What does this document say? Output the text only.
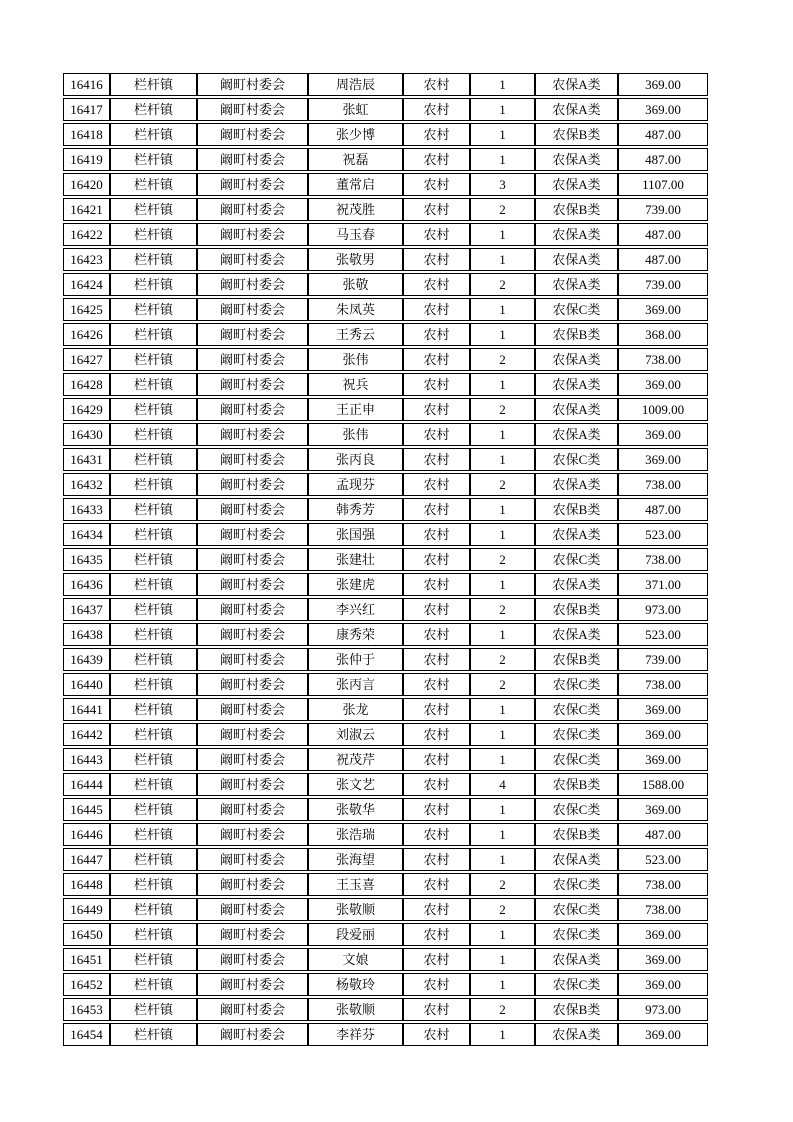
16416	栏杆镇	阚町村委会	周浩辰	农村	1	农保A类	369.00
16417	栏杆镇	阚町村委会	张虹	农村	1	农保A类	369.00
16418	栏杆镇	阚町村委会	张少博	农村	1	农保B类	487.00
16419	栏杆镇	阚町村委会	祝磊	农村	1	农保A类	487.00
16420	栏杆镇	阚町村委会	董常启	农村	3	农保A类	1107.00
16421	栏杆镇	阚町村委会	祝茂胜	农村	2	农保B类	739.00
16422	栏杆镇	阚町村委会	马玉春	农村	1	农保A类	487.00
16423	栏杆镇	阚町村委会	张敬男	农村	1	农保A类	487.00
16424	栏杆镇	阚町村委会	张敬	农村	2	农保A类	739.00
16425	栏杆镇	阚町村委会	朱凤英	农村	1	农保C类	369.00
16426	栏杆镇	阚町村委会	王秀云	农村	1	农保B类	368.00
16427	栏杆镇	阚町村委会	张伟	农村	2	农保A类	738.00
16428	栏杆镇	阚町村委会	祝兵	农村	1	农保A类	369.00
16429	栏杆镇	阚町村委会	王正申	农村	2	农保A类	1009.00
16430	栏杆镇	阚町村委会	张伟	农村	1	农保A类	369.00
16431	栏杆镇	阚町村委会	张丙良	农村	1	农保C类	369.00
16432	栏杆镇	阚町村委会	孟现芬	农村	2	农保A类	738.00
16433	栏杆镇	阚町村委会	韩秀芳	农村	1	农保B类	487.00
16434	栏杆镇	阚町村委会	张国强	农村	1	农保A类	523.00
16435	栏杆镇	阚町村委会	张建壮	农村	2	农保C类	738.00
16436	栏杆镇	阚町村委会	张建虎	农村	1	农保A类	371.00
16437	栏杆镇	阚町村委会	李兴红	农村	2	农保B类	973.00
16438	栏杆镇	阚町村委会	康秀荣	农村	1	农保A类	523.00
16439	栏杆镇	阚町村委会	张仲于	农村	2	农保B类	739.00
16440	栏杆镇	阚町村委会	张丙言	农村	2	农保C类	738.00
16441	栏杆镇	阚町村委会	张龙	农村	1	农保C类	369.00
16442	栏杆镇	阚町村委会	刘淑云	农村	1	农保C类	369.00
16443	栏杆镇	阚町村委会	祝茂芹	农村	1	农保C类	369.00
16444	栏杆镇	阚町村委会	张文艺	农村	4	农保B类	1588.00
16445	栏杆镇	阚町村委会	张敬华	农村	1	农保C类	369.00
16446	栏杆镇	阚町村委会	张浩瑞	农村	1	农保B类	487.00
16447	栏杆镇	阚町村委会	张海望	农村	1	农保A类	523.00
16448	栏杆镇	阚町村委会	王玉喜	农村	2	农保C类	738.00
16449	栏杆镇	阚町村委会	张敬顺	农村	2	农保C类	738.00
16450	栏杆镇	阚町村委会	段爱丽	农村	1	农保C类	369.00
16451	栏杆镇	阚町村委会	文娘	农村	1	农保A类	369.00
16452	栏杆镇	阚町村委会	杨敬玲	农村	1	农保C类	369.00
16453	栏杆镇	阚町村委会	张敬顺	农村	2	农保B类	973.00
16454	栏杆镇	阚町村委会	李祥芬	农村	1	农保A类	369.00
